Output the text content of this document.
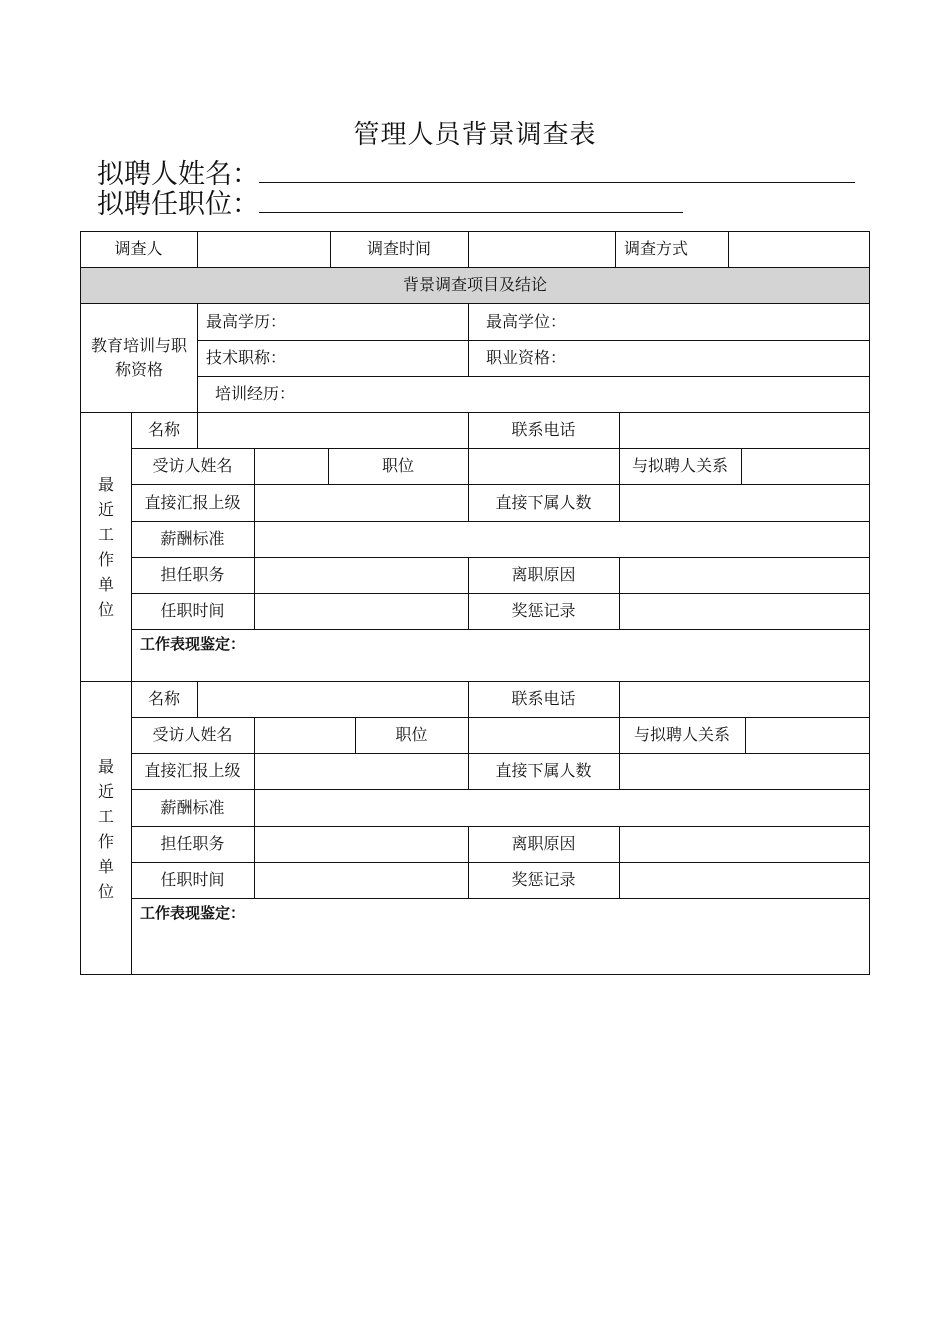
管理人员背景调查表
拟聘人姓名：
拟聘任职位：
调查人	调查时间	调查方式
背景调查项目及结论
教育培训与职称资格
最高学历：	最高学位：
技术职称：	职业资格：
培训经历：
最近工作单位
名称	联系电话
受访人姓名	职位	与拟聘人关系
直接汇报上级	直接下属人数
薪酬标准
担任职务	离职原因
任职时间	奖惩记录
工作表现鉴定：
最近工作单位
名称	联系电话
受访人姓名	职位	与拟聘人关系
直接汇报上级	直接下属人数
薪酬标准
担任职务	离职原因
任职时间	奖惩记录
工作表现鉴定：
